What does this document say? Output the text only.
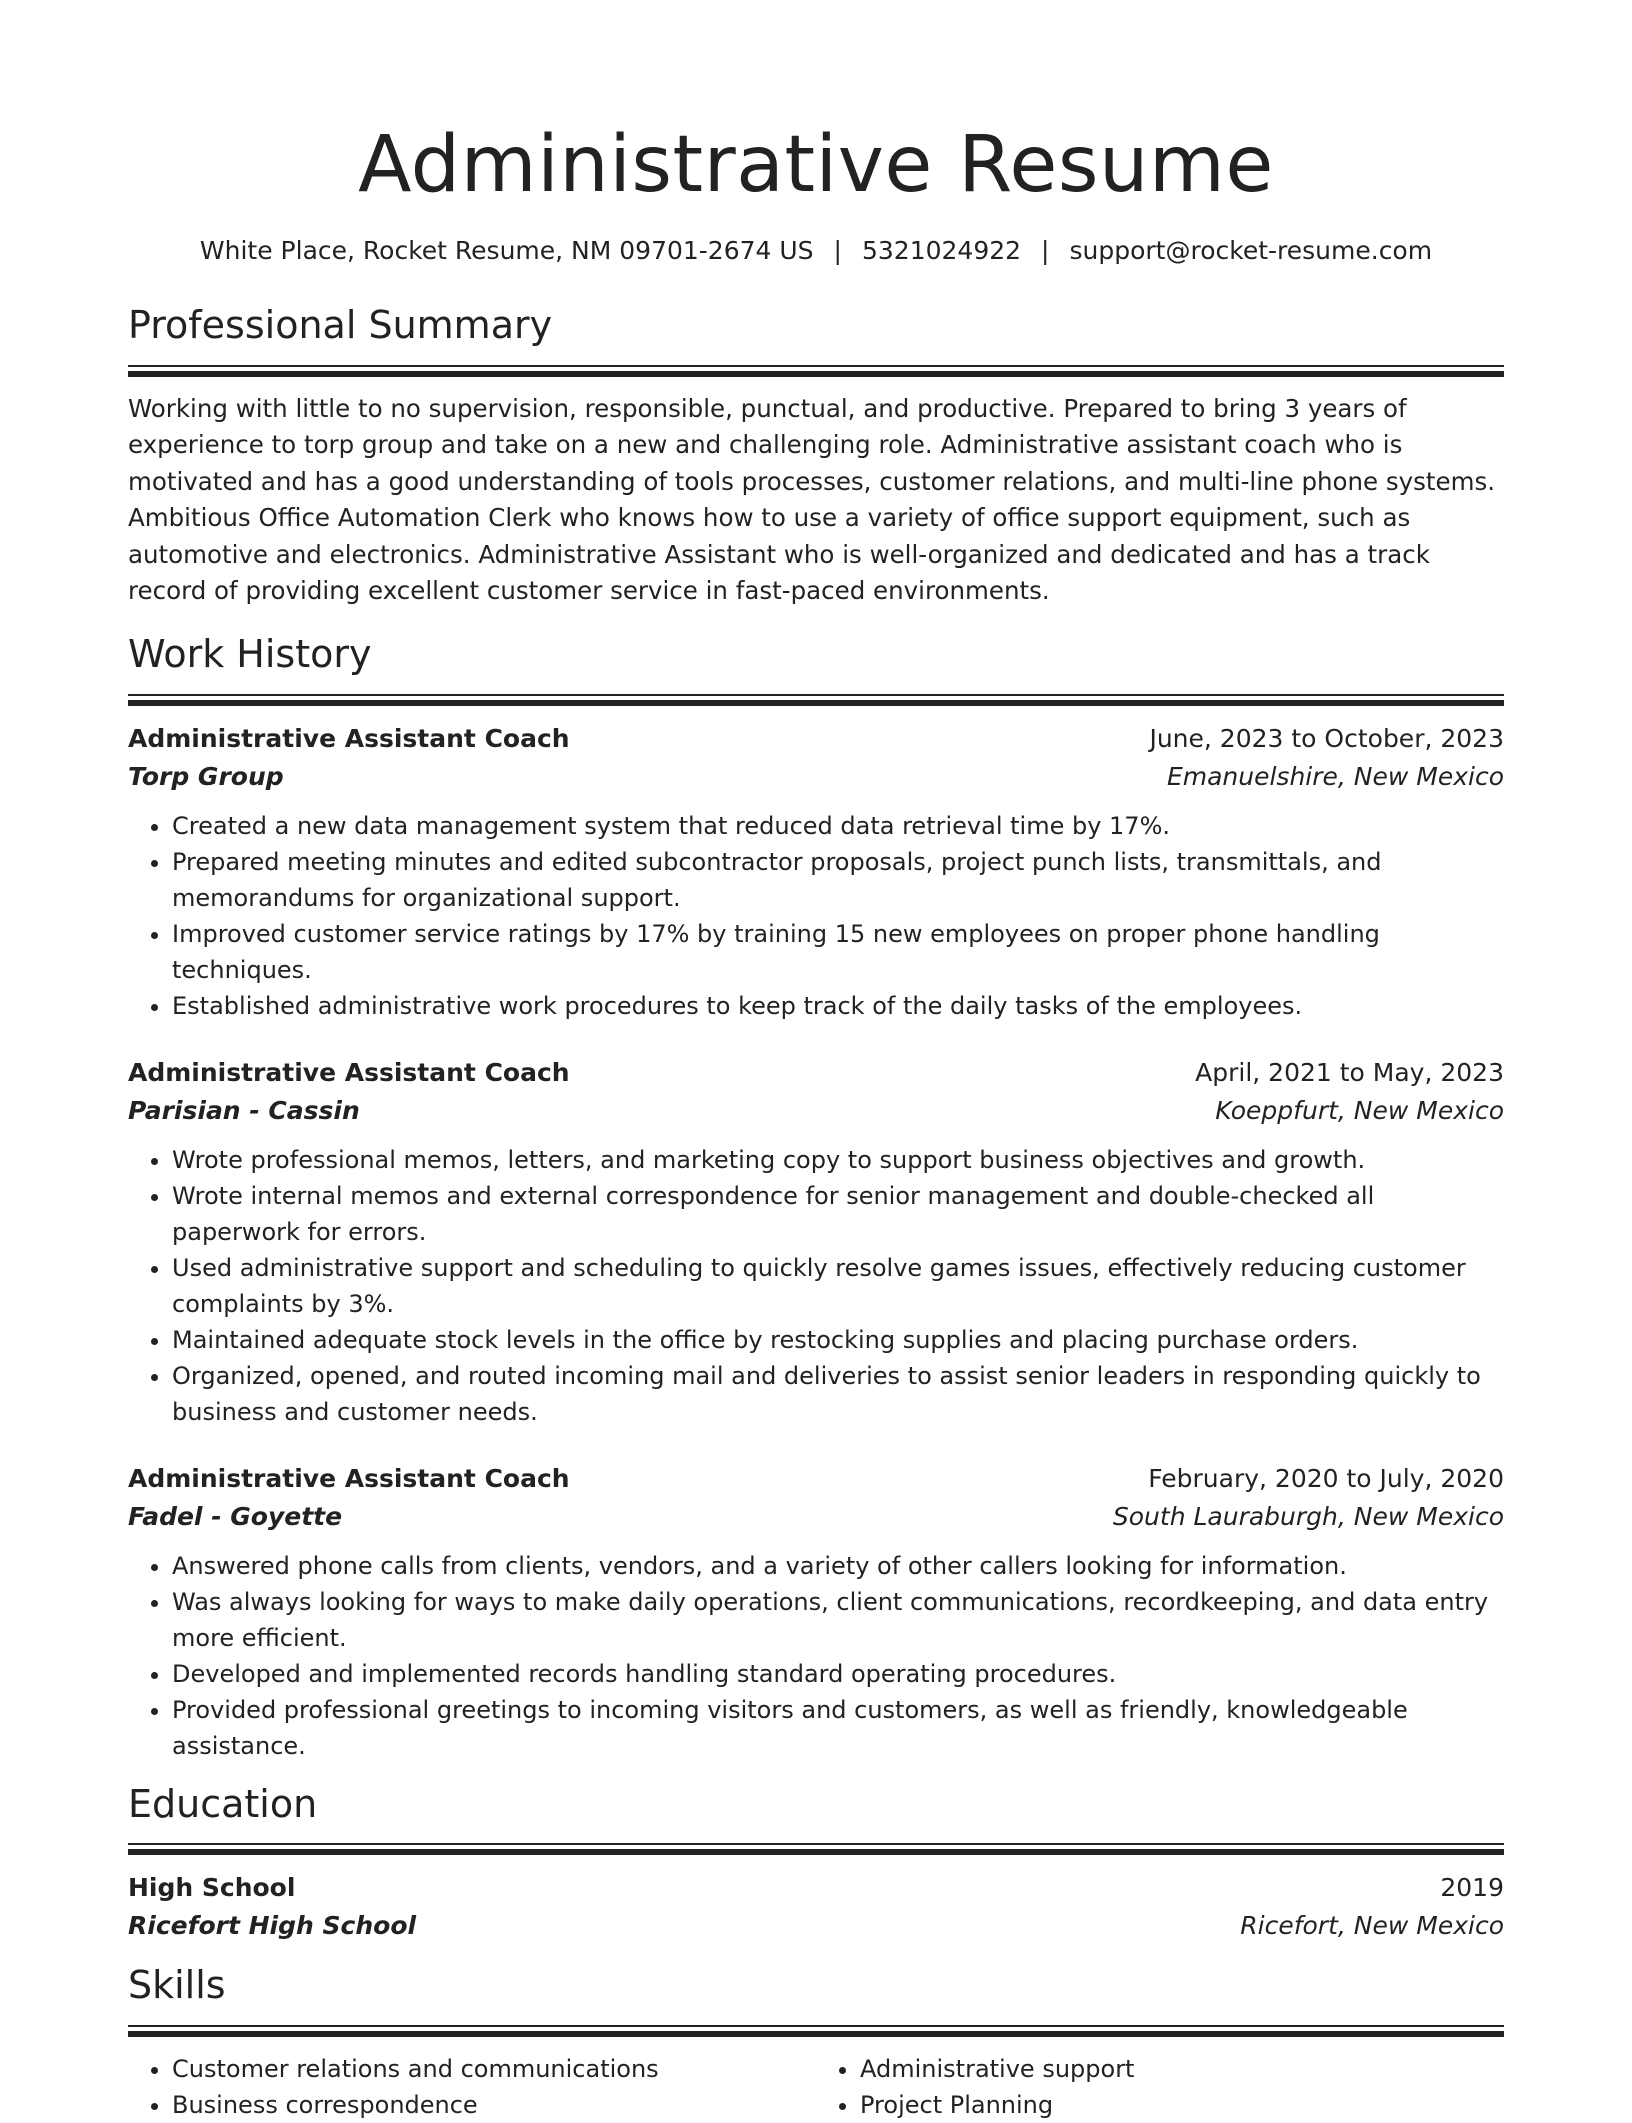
Administrative Resume
White Place, Rocket Resume, NM 09701-2674 US | 5321024922 | support@rocket-resume.com
Professional Summary
Working with little to no supervision, responsible, punctual, and productive. Prepared to bring 3 years of experience to torp group and take on a new and challenging role. Administrative assistant coach who is motivated and has a good understanding of tools processes, customer relations, and multi-line phone systems. Ambitious Office Automation Clerk who knows how to use a variety of office support equipment, such as automotive and electronics. Administrative Assistant who is well-organized and dedicated and has a track record of providing excellent customer service in fast-paced environments.
Work History
Administrative Assistant Coach	June, 2023 to October, 2023
Torp Group	Emanuelshire, New Mexico
• Created a new data management system that reduced data retrieval time by 17%.
• Prepared meeting minutes and edited subcontractor proposals, project punch lists, transmittals, and memorandums for organizational support.
• Improved customer service ratings by 17% by training 15 new employees on proper phone handling techniques.
• Established administrative work procedures to keep track of the daily tasks of the employees.
Administrative Assistant Coach	April, 2021 to May, 2023
Parisian - Cassin	Koeppfurt, New Mexico
• Wrote professional memos, letters, and marketing copy to support business objectives and growth.
• Wrote internal memos and external correspondence for senior management and double-checked all paperwork for errors.
• Used administrative support and scheduling to quickly resolve games issues, effectively reducing customer complaints by 3%.
• Maintained adequate stock levels in the office by restocking supplies and placing purchase orders.
• Organized, opened, and routed incoming mail and deliveries to assist senior leaders in responding quickly to business and customer needs.
Administrative Assistant Coach	February, 2020 to July, 2020
Fadel - Goyette	South Lauraburgh, New Mexico
• Answered phone calls from clients, vendors, and a variety of other callers looking for information.
• Was always looking for ways to make daily operations, client communications, recordkeeping, and data entry more efficient.
• Developed and implemented records handling standard operating procedures.
• Provided professional greetings to incoming visitors and customers, as well as friendly, knowledgeable assistance.
Education
High School	2019
Ricefort High School	Ricefort, New Mexico
Skills
• Customer relations and communications
• Business correspondence
• Administrative support
• Project Planning
